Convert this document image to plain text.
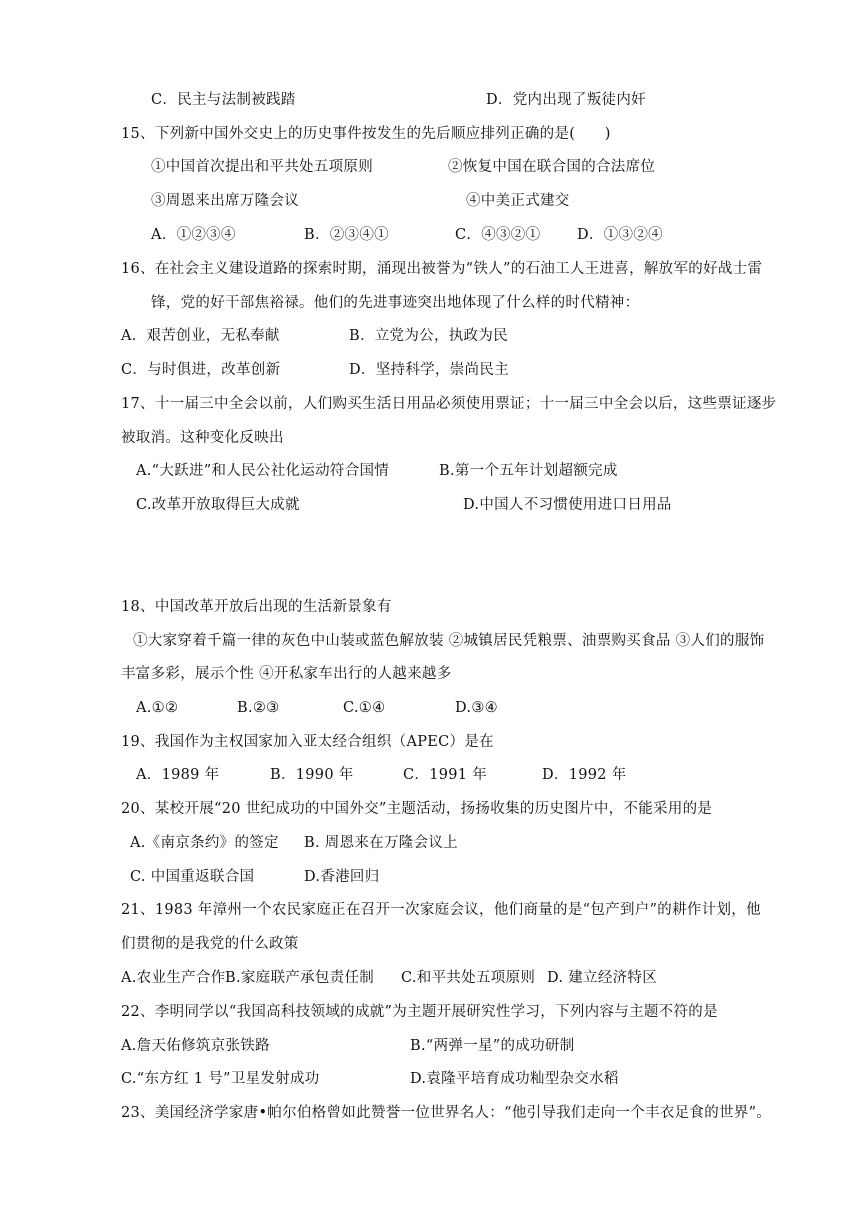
C．民主与法制被践踏	D．党内出现了叛徒内奸
15、下列新中国外交史上的历史事件按发生的先后顺应排列正确的是(　　)
①中国首次提出和平共处五项原则	②恢复中国在联合国的合法席位
③周恩来出席万隆会议	④中美正式建交
A．①②③④	B．②③④①	C．④③②①	D．①③②④
16、在社会主义建设道路的探索时期，涌现出被誉为“铁人”的石油工人王进喜，解放军的好战士雷
锋，党的好干部焦裕禄。他们的先进事迹突出地体现了什么样的时代精神：
A．艰苦创业，无私奉献	B．立党为公，执政为民
C．与时俱进，改革创新	D．坚持科学，崇尚民主
17、十一届三中全会以前，人们购买生活日用品必须使用票证；十一届三中全会以后，这些票证逐步
被取消。这种变化反映出
A.“大跃进”和人民公社化运动符合国情	B.第一个五年计划超额完成
C.改革开放取得巨大成就	D.中国人不习惯使用进口日用品
18、中国改革开放后出现的生活新景象有
①大家穿着千篇一律的灰色中山装或蓝色解放装 ②城镇居民凭粮票、油票购买食品 ③人们的服饰
丰富多彩，展示个性 ④开私家车出行的人越来越多
A.①②	B.②③	C.①④	D.③④
19、我国作为主权国家加入亚太经合组织（APEC）是在
A．1989 年	B．1990 年	C．1991 年	D．1992 年
20、某校开展“20 世纪成功的中国外交”主题活动，扬扬收集的历史图片中，不能采用的是
A.《南京条约》的签定 B. 周恩来在万隆会议上
C. 中国重返联合国	D.香港回归
21、1983 年漳州一个农民家庭正在召开一次家庭会议，他们商量的是“包产到户”的耕作计划，他
们贯彻的是我党的什么政策
A.农业生产合作 B.家庭联产承包责任制 C.和平共处五项原则 D. 建立经济特区
22、李明同学以“我国高科技领域的成就”为主题开展研究性学习，下列内容与主题不符的是
A.詹天佑修筑京张铁路	B.“两弹一星”的成功研制
C.“东方红 1 号”卫星发射成功	D.袁隆平培育成功籼型杂交水稻
23、美国经济学家唐•帕尔伯格曾如此赞誉一位世界名人：“他引导我们走向一个丰衣足食的世界”。
